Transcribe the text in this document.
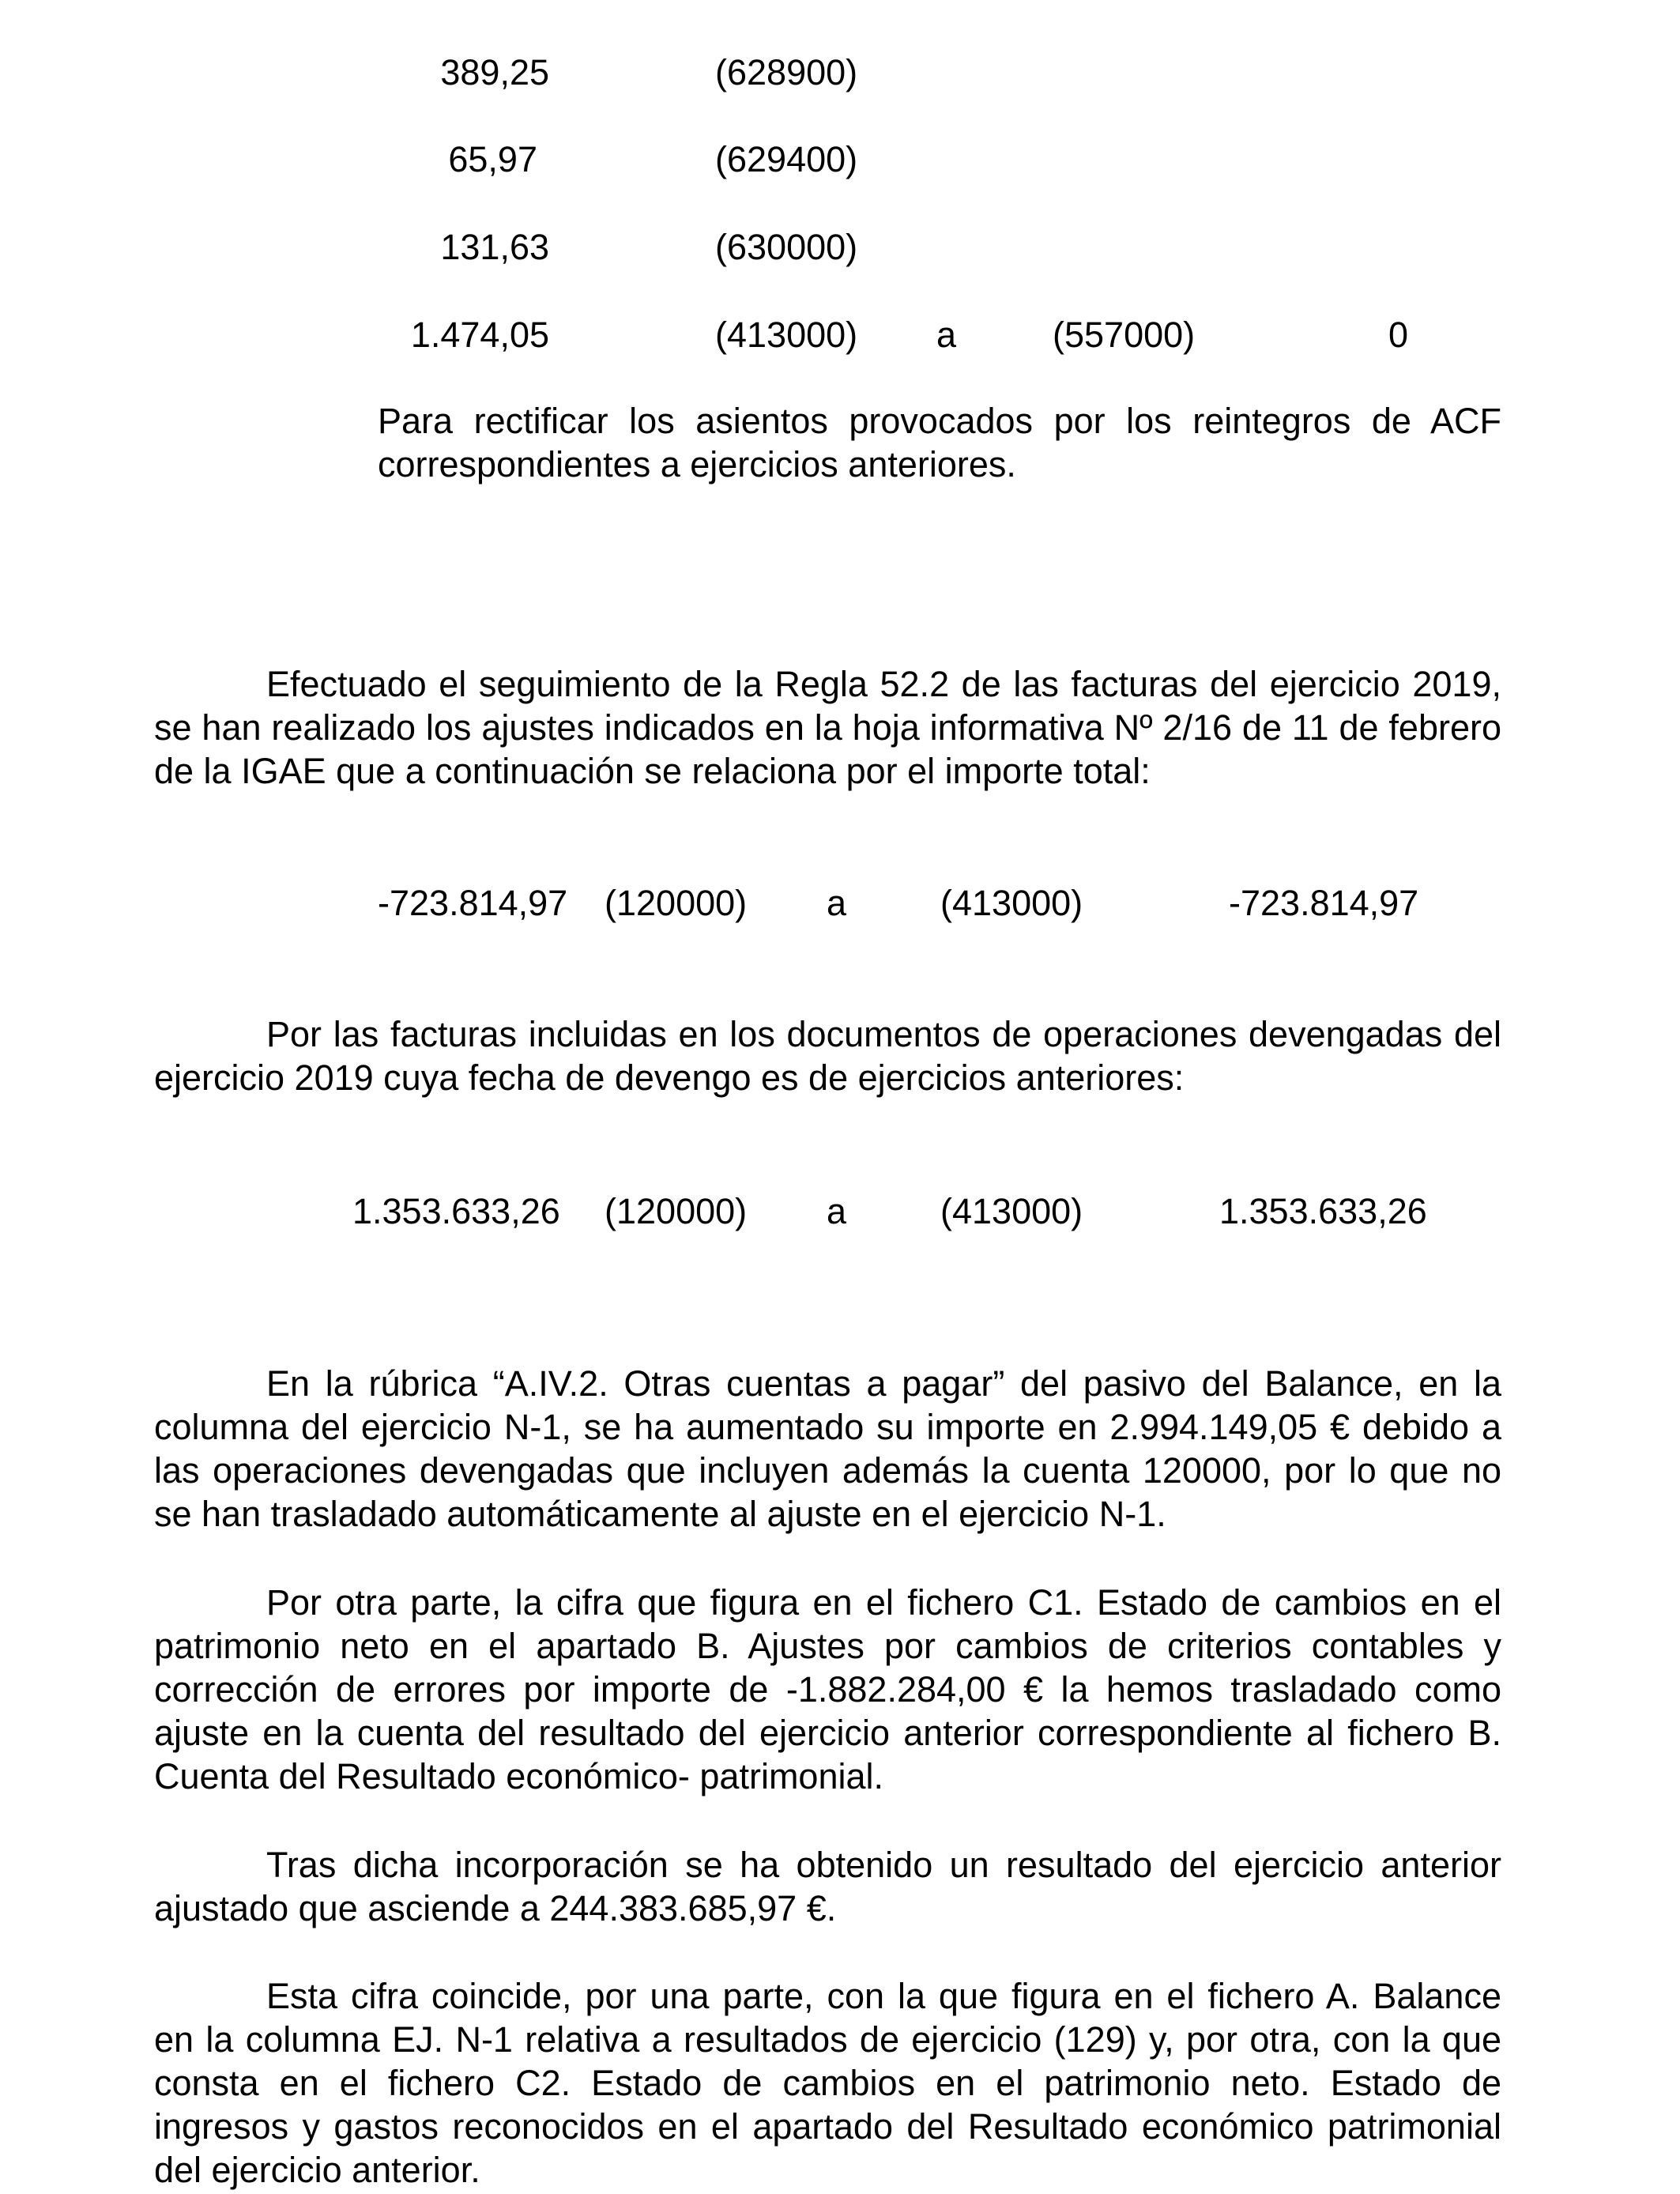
389,25	(628900)
65,97	(629400)
131,63	(630000)
1.474,05	(413000) a	(557000)	0

Para rectificar los asientos provocados por los reintegros de ACF correspondientes a ejercicios anteriores.

Efectuado el seguimiento de la Regla 52.2 de las facturas del ejercicio 2019, se han realizado los ajustes indicados en la hoja informativa Nº 2/16 de 11 de febrero de la IGAE que a continuación se relaciona por el importe total:

-723.814,97 (120000) a	(413000)	-723.814,97

Por las facturas incluidas en los documentos de operaciones devengadas del ejercicio 2019 cuya fecha de devengo es de ejercicios anteriores:

1.353.633,26 (120000) a	(413000)	1.353.633,26

En la rúbrica “A.IV.2. Otras cuentas a pagar” del pasivo del Balance, en la columna del ejercicio N-1, se ha aumentado su importe en 2.994.149,05 € debido a las operaciones devengadas que incluyen además la cuenta 120000, por lo que no se han trasladado automáticamente al ajuste en el ejercicio N-1.

Por otra parte, la cifra que figura en el fichero C1. Estado de cambios en el patrimonio neto en el apartado B. Ajustes por cambios de criterios contables y corrección de errores por importe de -1.882.284,00 € la hemos trasladado como ajuste en la cuenta del resultado del ejercicio anterior correspondiente al fichero B. Cuenta del Resultado económico- patrimonial.

Tras dicha incorporación se ha obtenido un resultado del ejercicio anterior ajustado que asciende a 244.383.685,97 €.

Esta cifra coincide, por una parte, con la que figura en el fichero A. Balance en la columna EJ. N-1 relativa a resultados de ejercicio (129) y, por otra, con la que consta en el fichero C2. Estado de cambios en el patrimonio neto. Estado de ingresos y gastos reconocidos en el apartado del Resultado económico patrimonial del ejercicio anterior.
